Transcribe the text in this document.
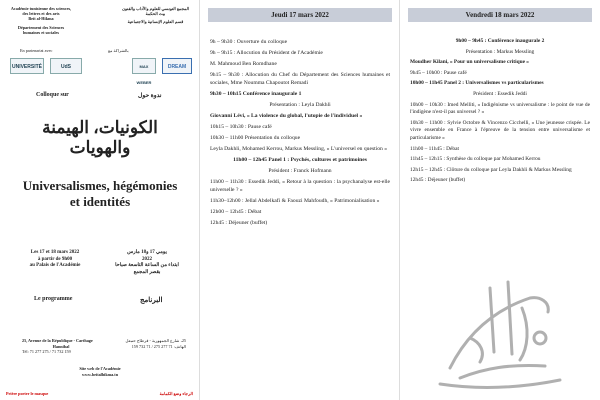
Académie tunisienne des sciences,
des lettres et des arts
Beït al-Hikma
Département des Sciences
humaines et sociales
المجمع التونسي للعلوم والآداب والفنون
بيت الحكمة
قسم العلوم الإنسانية والاجتماعية
En partenariat avec	بالشراكة مع
UNIVERSITÉ	UdS	MAX WEBER
DREAM
Colloque sur	ندوة حول
الكونيات، الهيمنة
والهويات
Universalismes, hégémonies
et identités
Les 17 et 18 mars 2022
à partir de 9h00
au Palais de l'Académie
يومي 17 و18 مارس
2022
ابتداء من الساعة التاسعة صباحا
بقصر المجمع
Le programme	البرنامج
25, Avenue de la République - Carthage
Hannibal
Tél: 71 277 275 / 71 732 159
25، شارع الجمهورية - قرطاج حنبعل
الهاتف: 71 277 275 / 71 732 159
Site web de l'Académie
www.beitalhikma.tn
Prière porter le masque	الرجاء وضع الكمامة
Jeudi 17 mars 2022

9h – 9h30 : Ouverture du colloque

9h – 9h15 : Allocution du Président de l'Académie

M. Mahmoud Ben Romdhane

9h15 – 9h30 : Allocution du Chef du Département des Sciences humaines et sociales, Mme Noumma Chapoutot Remadi

9h30 – 10h15 Conférence inaugurale 1

Présentation : Leyla Dakhli

Giovanni Lévi, « La violence du global, l'utopie de l'individuel »

10h15 – 10h30 : Pause café

10h30 – 11h00 Présentation du colloque

Leyla Dakhli, Mohamed Kerrou, Markus Messling, « L'universel en question »

11h00 – 12h45 Panel 1 : Psychés, cultures et patrimoines

Président : Franck Hofmann

11h00 – 11h30 : Essedik Jeddi, « Retour à la question : la psychanalyse est-elle universelle ? »

11h30–12h00 : Jellal Abdelkafi & Faouzi Mahfoudh, « Patrimonialisation »

12h00 – 12h45 : Débat

12h45 : Déjeuner (buffet)

Vendredi 18 mars 2022

9h00 – 9h45 : Conférence inaugurale 2

Présentation : Markus Messling

Moudher Kilani, « Pour un universalisme critique »

9h45 – 10h00 : Pause café

10h00 – 11h45 Panel 2 : Universalismes vs particularismes

Président : Essedik Jeddi

10h00 – 10h30 : Imed Melliti, « Indigénisme vs universalisme : le point de vue de l'indigène n'est-il pas universel ? »

10h30 – 11h00 : Sylvie Octobre & Vincenzo Cicchelli, « Une jeunesse crispée. Le vivre ensemble en France à l'épreuve de la tension entre universalisme et particularisme »

11h00 – 11h45 : Débat

11h45 – 12h15 : Synthèse du colloque par Mohamed Kerrou

12h15 – 12h45 : Clôture du colloque par Leyla Dakhli & Markus Messling

12h45 : Déjeuner (buffet)
